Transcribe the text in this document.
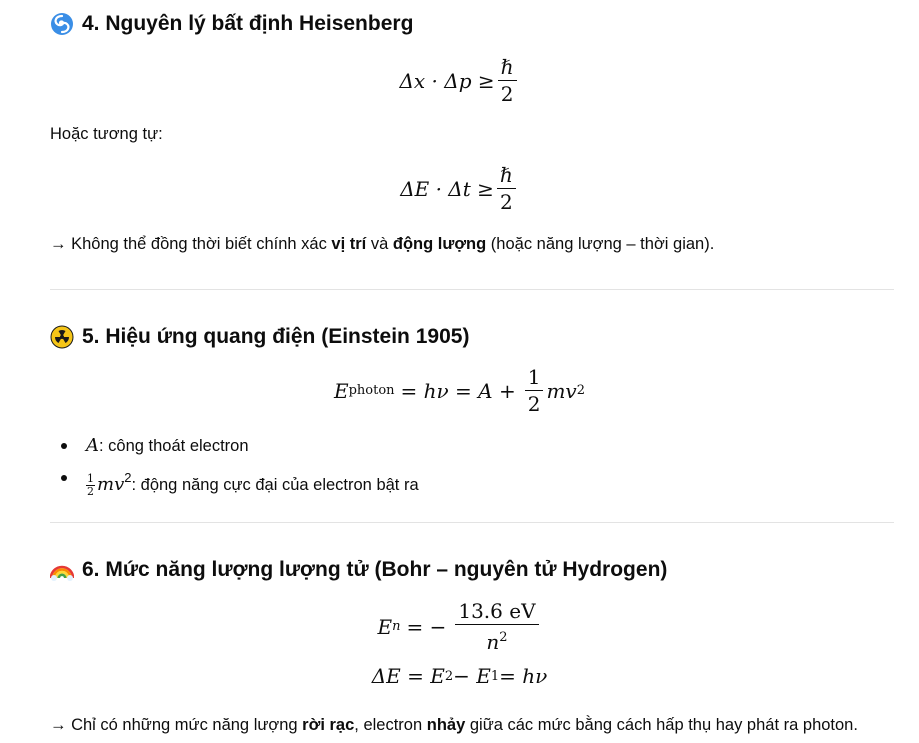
4. Nguyên lý bất định Heisenberg
$\Delta x \cdot \Delta p \ge \frac{\text{ℏ}}{2}$
Hoặc tương tự:
$\Delta E \cdot \Delta t \ge \frac{\text{ℏ}}{2}$
→ Không thể đồng thời biết chính xác vị trí và động lượng (hoặc năng lượng – thời gian).
5. Hiệu ứng quang điện (Einstein 1905)
E photon = $h\nu = A + \frac{1}{2}$ mv 2
A: công thoát electron
$\frac{1}{2} mv^2$: động năng cực đại của electron bật ra
6. Mức năng lượng lượng tử (Bohr – nguyên tử Hydrogen)
E n = − $\frac{13.6 eV}{n^2}$
ΔE = E 2 − E 1 = hν
→ Chỉ có những mức năng lượng rời rạc, electron nhảy giữa các mức bằng cách hấp thụ hay phát ra photon.
